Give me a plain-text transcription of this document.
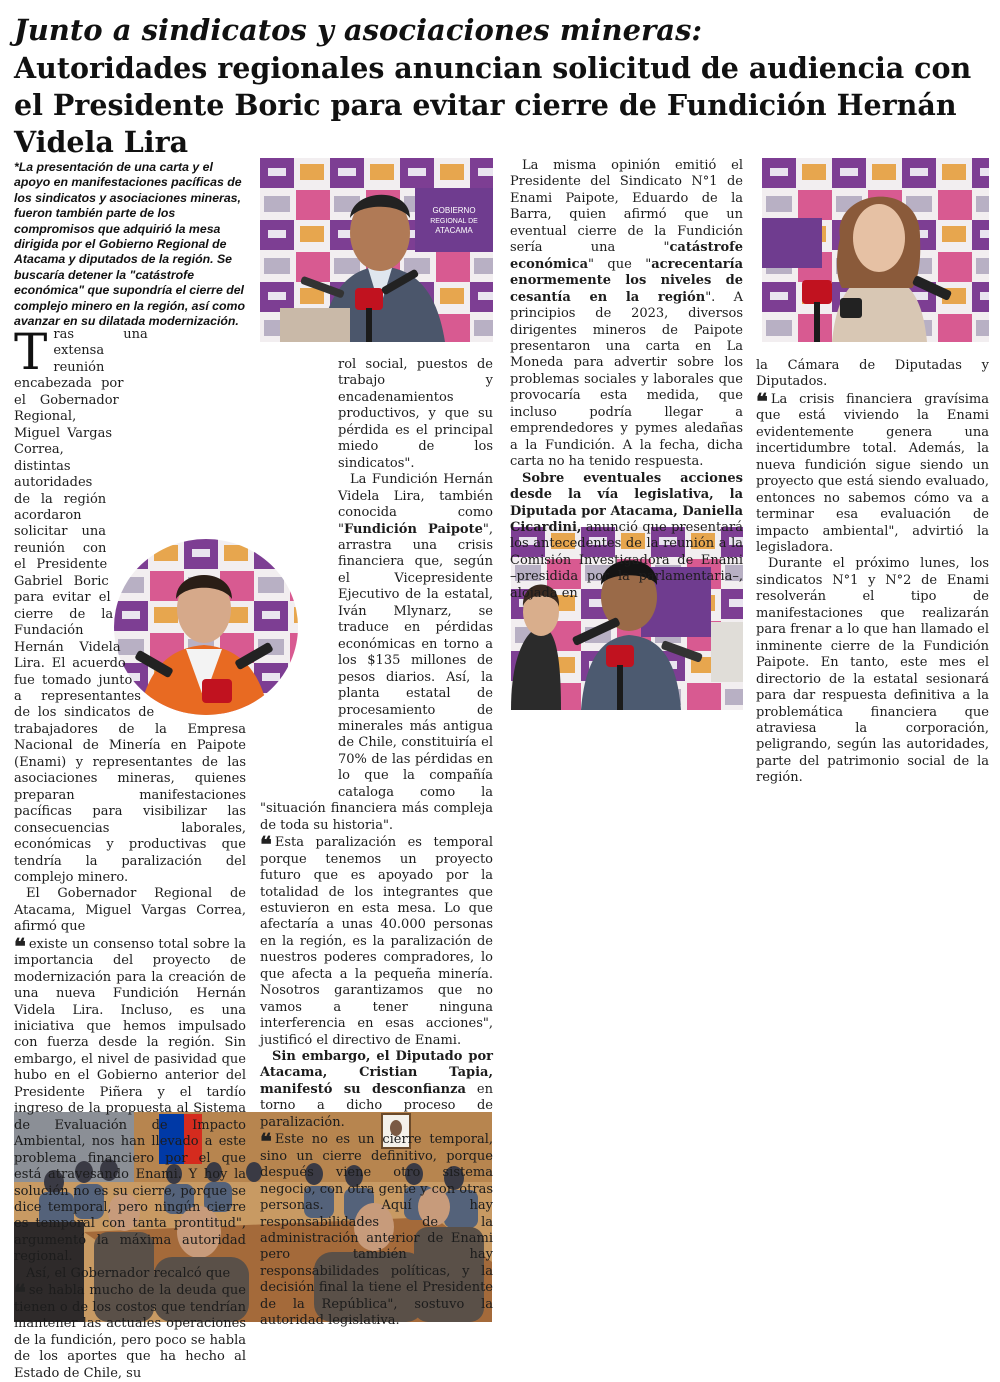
Junto a sindicatos y asociaciones mineras:
Autoridades regionales anuncian solicitud de audiencia con el Presidente Boric para evitar cierre de Fundición Hernán Videla Lira

*La presentación de una carta y el apoyo en manifestaciones pacíficas de los sindicatos y asociaciones mineras, fueron también parte de los compromisos que adquirió la mesa dirigida por el Gobierno Regional de Atacama y diputados de la región. Se buscaría detener la "catástrofe económica" que supondría el cierre del complejo minero en la región, así como avanzar en su dilatada modernización.

GOBIERNO
REGIONAL DE
ATACAMA

Tras una extensa reunión encabezada por el Gobernador Regional, Miguel Vargas Correa, distintas autoridades de la región acordaron solicitar una reunión con el Presidente Gabriel Boric para evitar el cierre de la Fundación Hernán Videla Lira. El acuerdo fue tomado junto a representantes de los sindicatos de trabajadores de la Empresa Nacional de Minería en Paipote (Enami) y representantes de las asociaciones mineras, quienes preparan manifestaciones pacíficas para visibilizar las consecuencias laborales, económicas y productivas que tendría la paralización del complejo minero.

El Gobernador Regional de Atacama, Miguel Vargas Correa, afirmó que

❝ existe un consenso total sobre la importancia del proyecto de modernización para la creación de una nueva Fundición Hernán Videla Lira. Incluso, es una iniciativa que hemos impulsado con fuerza desde la región. Sin embargo, el nivel de pasividad que hubo en el Gobierno anterior del Presidente Piñera y el tardío ingreso de la propuesta al Sistema de Evaluación de Impacto Ambiental, nos han llevado a este problema financiero por el que está atravesando Enami. Y hoy la solución no es su cierre, porque se dice temporal, pero ningún cierre es temporal con tanta prontitud", argumentó la máxima autoridad regional.

Así, el Gobernador recalcó que

❝ se habla mucho de la deuda que tienen o de los costos que tendrían mantener las actuales operaciones de la fundición, pero poco se habla de los aportes que ha hecho al Estado de Chile, su

rol social, puestos de trabajo y encadenamientos productivos, y que su pérdida es el principal miedo de los sindicatos".

La Fundición Hernán Videla Lira, también conocida como "Fundición Paipote", arrastra una crisis financiera que, según el Vicepresidente Ejecutivo de la estatal, Iván Mlynarz, se traduce en pérdidas económicas en torno a los $135 millones de pesos diarios. Así, la planta estatal de procesamiento de minerales más antigua de Chile, constituiría el 70% de las pérdidas en lo que la compañía cataloga como la "situación financiera más compleja de toda su historia".

❝ Esta paralización es temporal porque tenemos un proyecto futuro que es apoyado por la totalidad de los integrantes que estuvieron en esta mesa. Lo que afectaría a unas 40.000 personas en la región, es la paralización de nuestros poderes compradores, lo que afecta a la pequeña minería. Nosotros garantizamos que no vamos a tener ninguna interferencia en esas acciones", justificó el directivo de Enami.

Sin embargo, el Diputado por Atacama, Cristian Tapia, manifestó su desconfianza en torno a dicho proceso de paralización.

❝ Este no es un cierre temporal, sino un cierre definitivo, porque después viene otro sistema negocio, con otra gente y con otras personas. Aquí hay responsabilidades de la administración anterior de Enami pero también hay responsabilidades políticas, y la decisión final la tiene el Presidente de la República", sostuvo la autoridad legislativa.

La misma opinión emitió el Presidente del Sindicato N°1 de Enami Paipote, Eduardo de la Barra, quien afirmó que un eventual cierre de la Fundición sería una "catástrofe económica" que "acrecentaría enormemente los niveles de cesantía en la región". A principios de 2023, diversos dirigentes mineros de Paipote presentaron una carta en La Moneda para advertir sobre los problemas sociales y laborales que provocaría esta medida, que incluso podría llegar a emprendedores y pymes aledañas a la Fundición. A la fecha, dicha carta no ha tenido respuesta.

Sobre eventuales acciones desde la vía legislativa, la Diputada por Atacama, Daniella Cicardini, anunció que presentará los antecedentes de la reunión a la Comisión Investigadora de Enami –presidida por la parlamentaria–, alojada en

la Cámara de Diputadas y Diputados.

❝ La crisis financiera gravísima que está viviendo la Enami evidentemente genera una incertidumbre total. Además, la nueva fundición sigue siendo un proyecto que está siendo evaluado, entonces no sabemos cómo va a terminar esa evaluación de impacto ambiental", advirtió la legisladora.

Durante el próximo lunes, los sindicatos N°1 y N°2 de Enami resolverán el tipo de manifestaciones que realizarán para frenar a lo que han llamado el inminente cierre de la Fundición Paipote. En tanto, este mes el directorio de la estatal sesionará para dar respuesta definitiva a la problemática financiera que atraviesa la corporación, peligrando, según las autoridades, parte del patrimonio social de la región.
